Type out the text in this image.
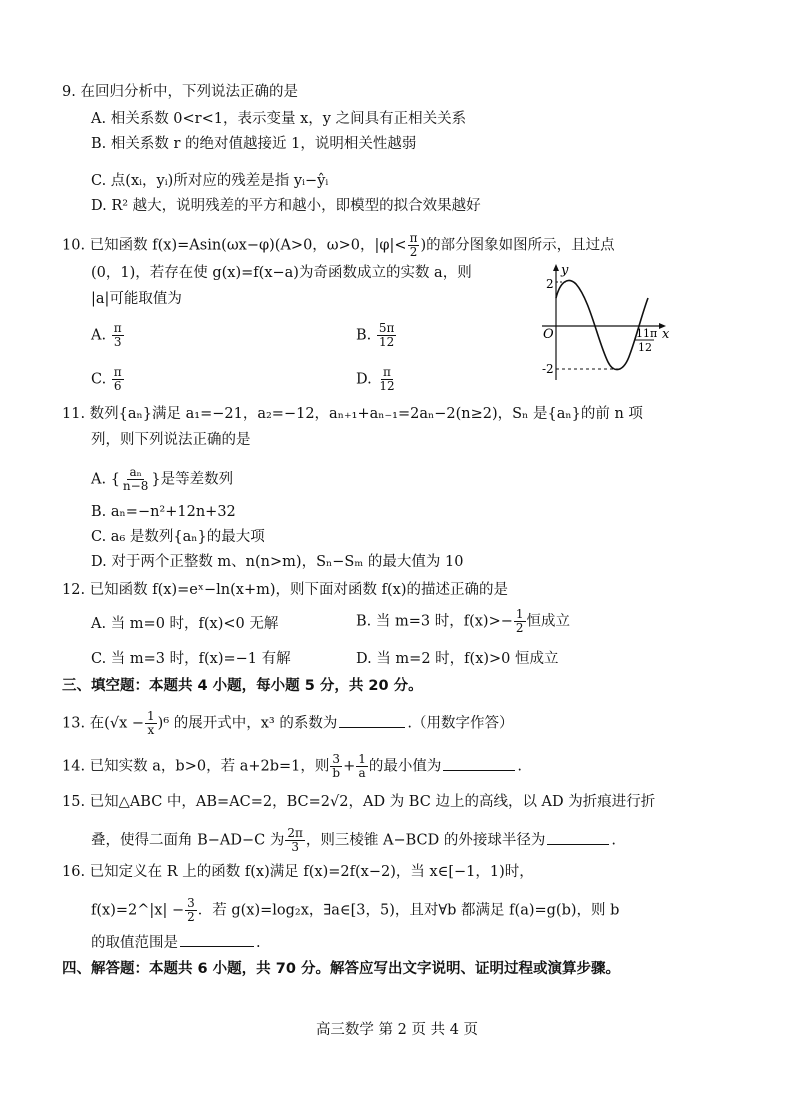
9. 在回归分析中，下列说法正确的是
A. 相关系数 0<r<1，表示变量 x，y 之间具有正相关关系
B. 相关系数 r 的绝对值越接近 1，说明相关性越弱
C. 点(xᵢ，yᵢ)所对应的残差是指 yᵢ−ŷᵢ
D. R² 越大，说明残差的平方和越小，即模型的拟合效果越好
10. 已知函数 f(x)=Asin(ωx−φ)(A>0，ω>0，$|\varphi|< \frac{\pi}{2}$ )的部分图象如图所示，且过点
(0，1)，若存在使 g(x)=f(x−a)为奇函数成立的实数 a，则
|a|可能取值为
A. $\frac{\pi}{3}$	B. $\frac{5\pi}{12}$
C. $\frac{\pi}{6}$	D. $\frac{\pi}{12}$
y
x
O
2
-2
11π
12
11. 数列{aₙ}满足 a₁=−21，a₂=−12，aₙ₊₁+aₙ₋₁=2aₙ−2(n≥2)，Sₙ 是{aₙ}的前 n 项
列，则下列说法正确的是
A. { $\frac{\text{aₙ}}{n-8}$ }是等差数列
B. aₙ=−n²+12n+32
C. a₆ 是数列{aₙ}的最大项
D. 对于两个正整数 m、n(n>m)，Sₙ−Sₘ 的最大值为 10
12. 已知函数 f(x)=eˣ−ln(x+m)，则下面对函数 f(x)的描述正确的是
A. 当 m=0 时，f(x)<0 无解	B. 当 m=3 时，$f(x)>- \frac{1}{2}$ 恒成立
C. 当 m=3 时，f(x)=−1 有解	D. 当 m=2 时，f(x)>0 恒成立
三、填空题：本题共 4 小题，每小题 5 分，共 20 分。
13. 在$(√x - \frac{1}{x} )^6$ 的展开式中，x³ 的系数为	.（用数字作答）
14. 已知实数 a，b>0，若 a+2b=1，则 $\frac{3}{b} + \frac{1}{a}$ 的最小值为	.
15. 已知△ABC 中，AB=AC=2，BC=2√2，AD 为 BC 边上的高线，以 AD 为折痕进行折
叠，使得二面角 B−AD−C 为 $\frac{2\pi}{3}$ ，则三棱锥 A−BCD 的外接球半径为	.
16. 已知定义在 R 上的函数 f(x)满足 f(x)=2f(x−2)，当 x∈[−1，1)时，
f(x)=2^|x| − $\frac{3}{2}$ ．若 g(x)=log₂x，∃a∈[3，5)，且对∀b 都满足 f(a)=g(b)，则 b
的取值范围是	.
四、解答题：本题共 6 小题，共 70 分。解答应写出文字说明、证明过程或演算步骤。
高三数学 第 2 页 共 4 页
